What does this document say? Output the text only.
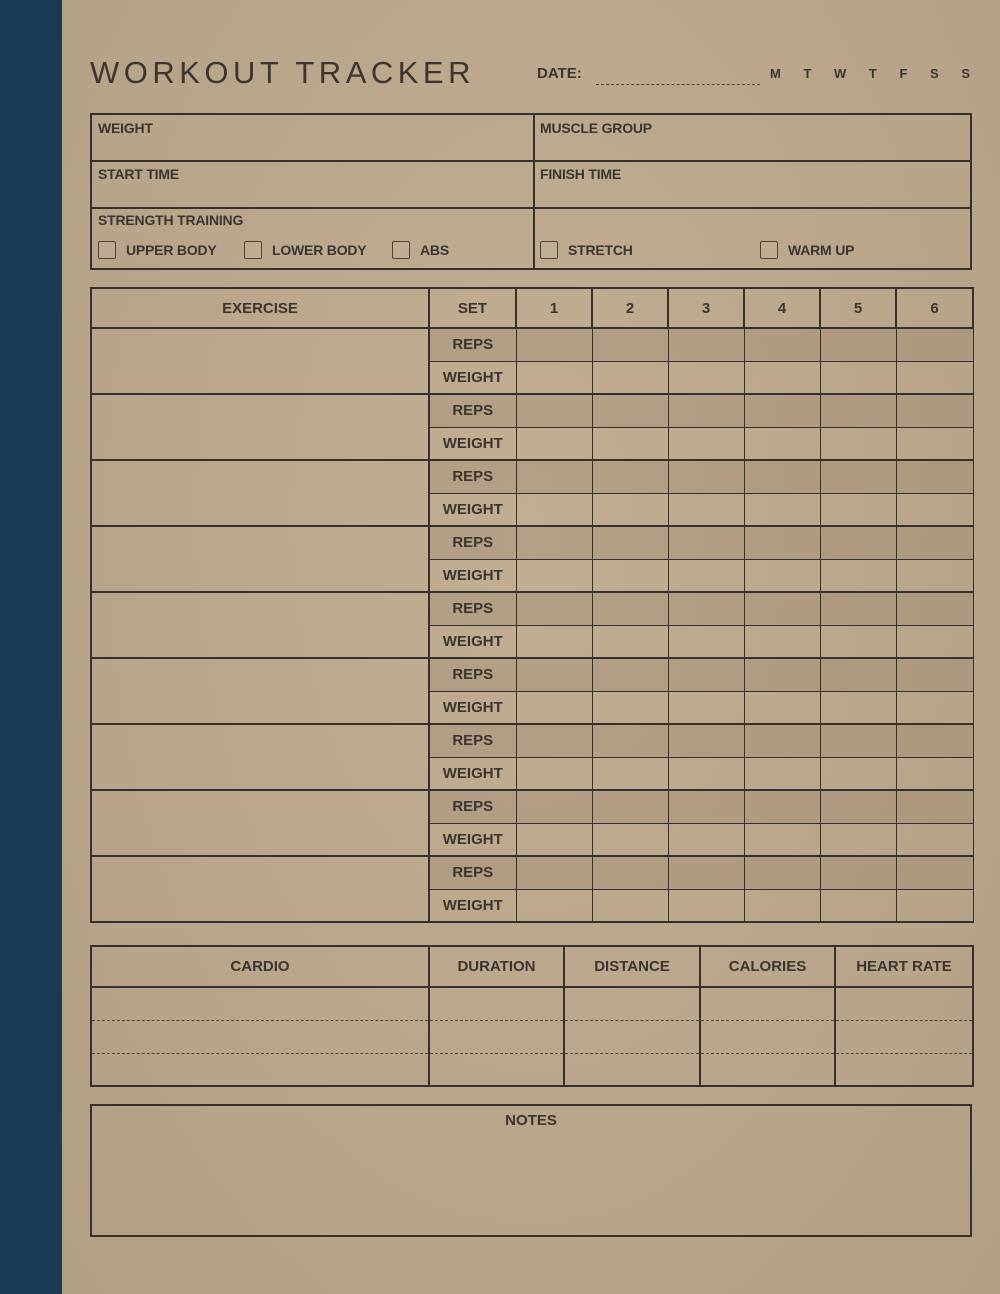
WORKOUT TRACKER	DATE:	M T W T F S S
WEIGHT	MUSCLE GROUP
START TIME	FINISH TIME
STRENGTH TRAINING
UPPER BODY	LOWER BODY	ABS	STRETCH	WARM UP
EXERCISE	SET	1	2	3	4	5	6
	REPS						
	WEIGHT						
	REPS						
	WEIGHT						
	REPS						
	WEIGHT						
	REPS						
	WEIGHT						
	REPS						
	WEIGHT						
	REPS						
	WEIGHT						
	REPS						
	WEIGHT						
	REPS						
	WEIGHT						
	REPS						
	WEIGHT						
CARDIO	DURATION	DISTANCE	CALORIES	HEART RATE

NOTES
